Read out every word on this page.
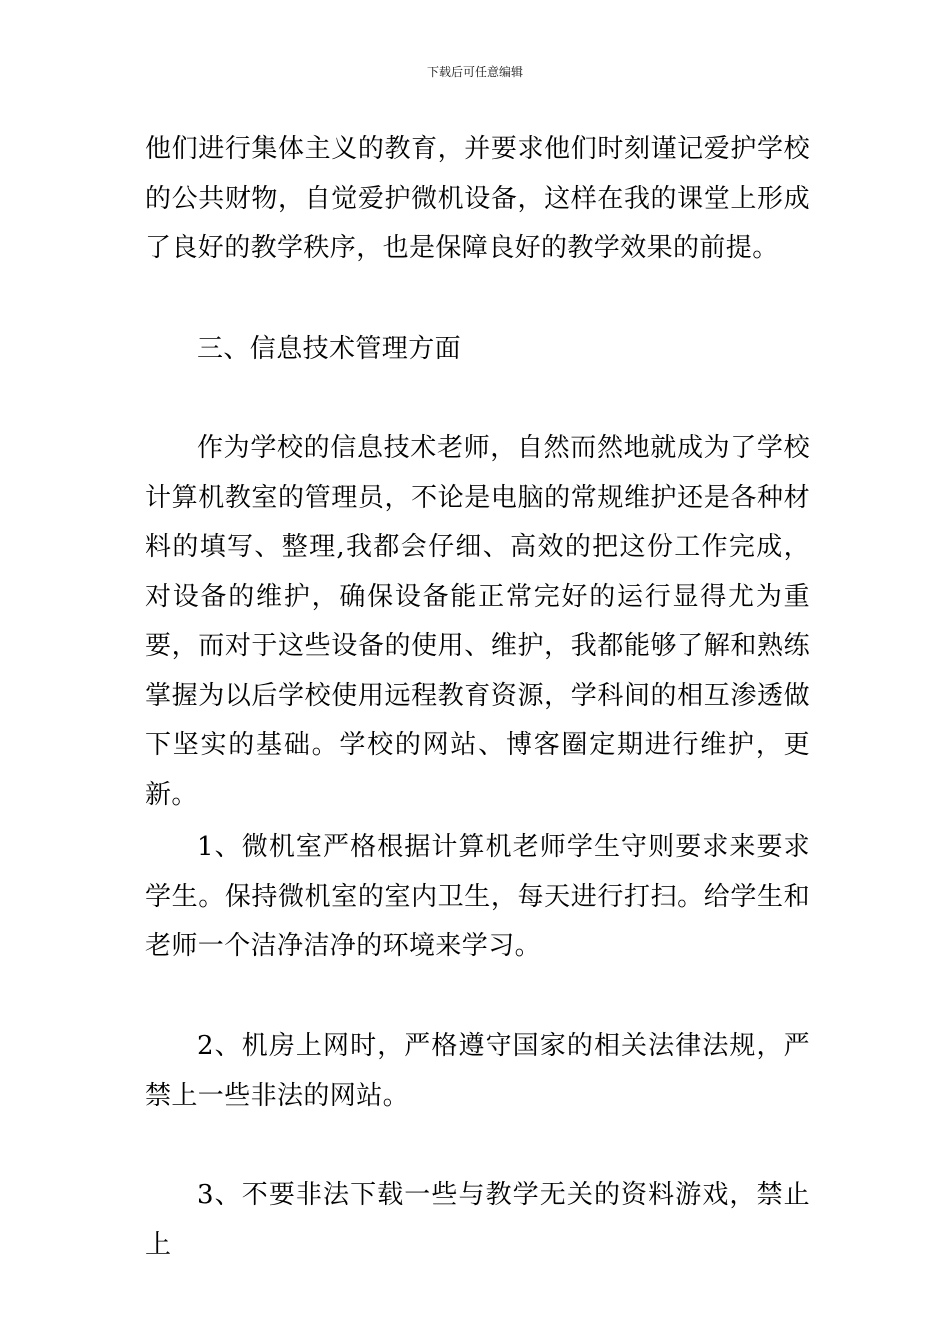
下载后可任意编辑

他们进行集体主义的教育，并要求他们时刻谨记爱护学校的公共财物，自觉爱护微机设备，这样在我的课堂上形成了良好的教学秩序，也是保障良好的教学效果的前提。

三、信息技术管理方面

作为学校的信息技术老师，自然而然地就成为了学校计算机教室的管理员，不论是电脑的常规维护还是各种材料的填写、整理,我都会仔细、高效的把这份工作完成，对设备的维护，确保设备能正常完好的运行显得尤为重要，而对于这些设备的使用、维护，我都能够了解和熟练掌握为以后学校使用远程教育资源，学科间的相互渗透做下坚实的基础。学校的网站、博客圈定期进行维护，更新。

1、微机室严格根据计算机老师学生守则要求来要求学生。保持微机室的室内卫生，每天进行打扫。给学生和老师一个洁净洁净的环境来学习。

2、机房上网时，严格遵守国家的相关法律法规，严禁上一些非法的网站。

3、不要非法下载一些与教学无关的资料游戏，禁止上
